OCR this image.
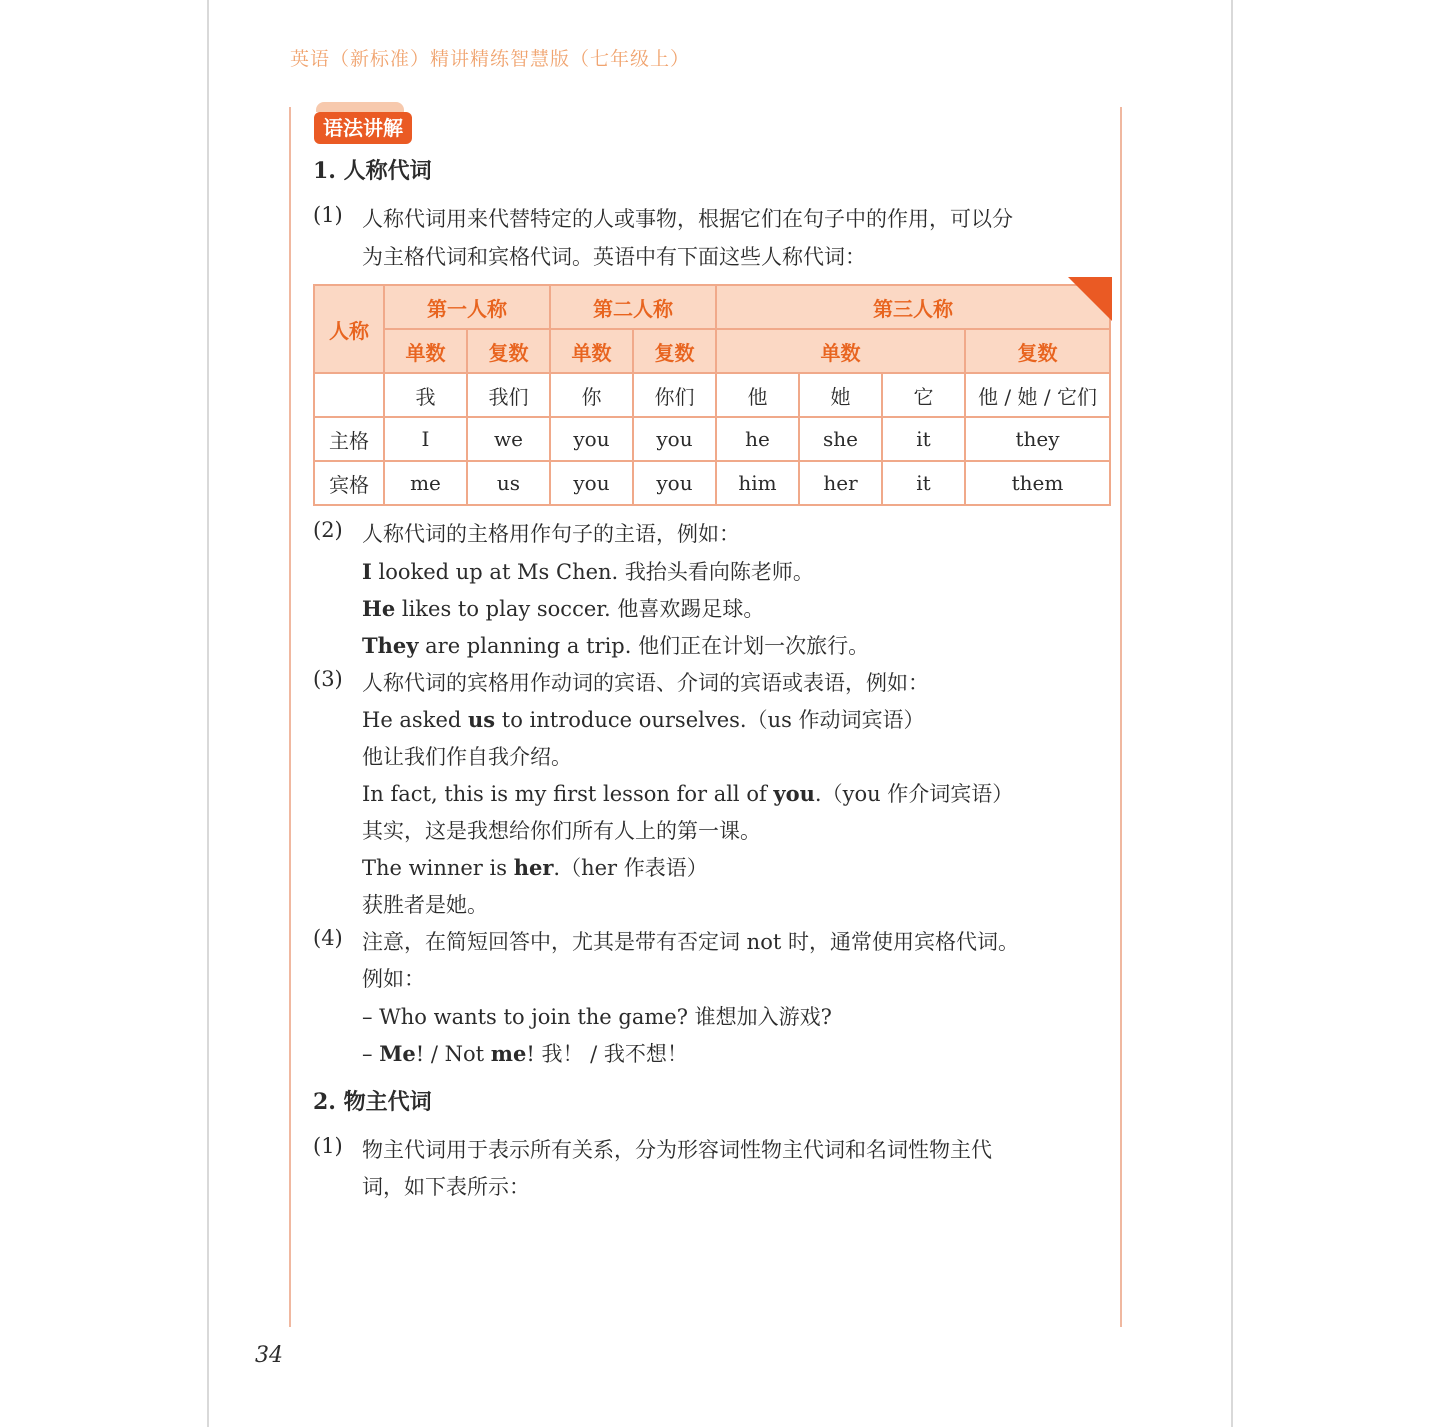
英语（新标准）精讲精练智慧版（七年级上）
语法讲解
1. 人称代词
(1) 人称代词用来代替特定的人或事物，根据它们在句子中的作用，可以分
为主格代词和宾格代词。英语中有下面这些人称代词：
人称	第一人称		第二人称		第三人称			
	单数	复数	单数	复数	单数			复数
	我	我们	你	你们	他	她	它	他 / 她 / 它们
主格	I	we	you	you	he	she	it	they
宾格	me	us	you	you	him	her	it	them
(2) 人称代词的主格用作句子的主语，例如：
I looked up at Ms Chen. 我抬头看向陈老师。
He likes to play soccer. 他喜欢踢足球。
They are planning a trip. 他们正在计划一次旅行。
(3) 人称代词的宾格用作动词的宾语、介词的宾语或表语，例如：
He asked us to introduce ourselves.（us 作动词宾语）
他让我们作自我介绍。
In fact, this is my first lesson for all of you.（you 作介词宾语）
其实，这是我想给你们所有人上的第一课。
The winner is her.（her 作表语）
获胜者是她。
(4) 注意，在简短回答中，尤其是带有否定词 not 时，通常使用宾格代词。
例如：
– Who wants to join the game? 谁想加入游戏?
– Me! / Not me! 我！ / 我不想！
2. 物主代词
(1) 物主代词用于表示所有关系，分为形容词性物主代词和名词性物主代
词，如下表所示：
34
